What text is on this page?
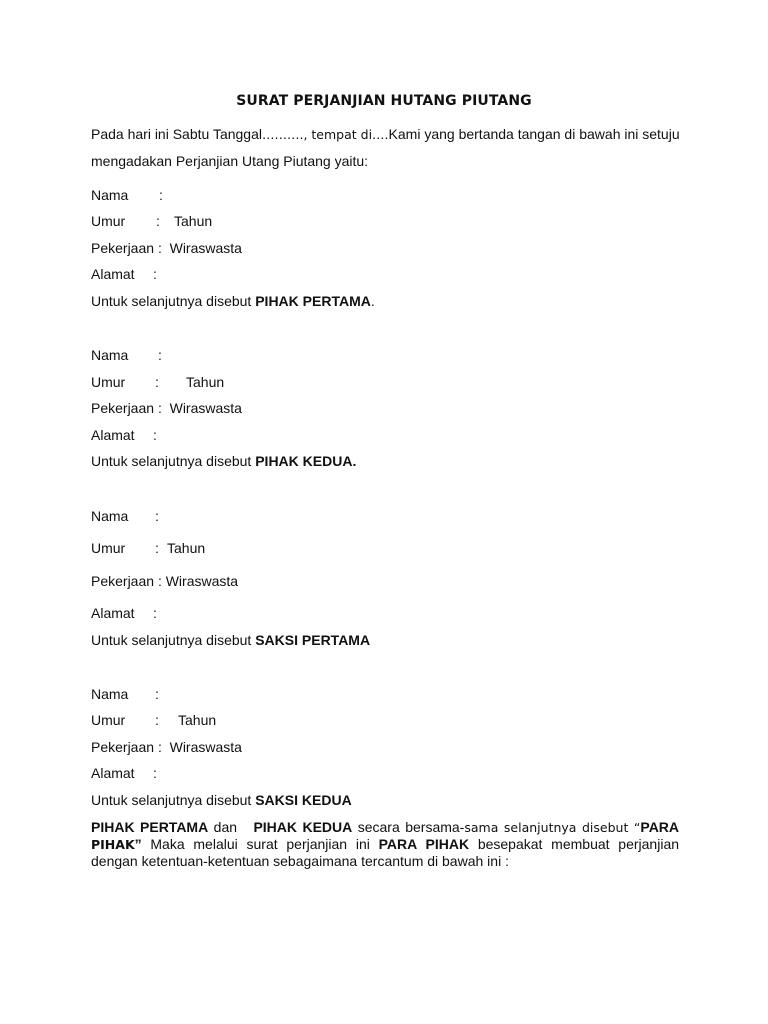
SURAT PERJANJIAN HUTANG PIUTANG
Pada hari ini Sabtu Tanggal………., tempat di….Kami yang bertanda tangan di bawah ini setuju
mengadakan Perjanjian Utang Piutang yaitu:
Nama :
Umur : Tahun
Pekerjaan : Wiraswasta
Alamat :
Untuk selanjutnya disebut PIHAK PERTAMA.
Nama :
Umur : Tahun
Pekerjaan : Wiraswasta
Alamat :
Untuk selanjutnya disebut PIHAK KEDUA.
Nama :
Umur : Tahun
Pekerjaan : Wiraswasta
Alamat :
Untuk selanjutnya disebut SAKSI PERTAMA
Nama :
Umur : Tahun
Pekerjaan : Wiraswasta
Alamat :
Untuk selanjutnya disebut SAKSI KEDUA
PIHAK PERTAMA dan   PIHAK KEDUA secara bersama-sama selanjutnya disebut “PARA PIHAK” Maka melalui surat perjanjian ini PARA PIHAK besepakat membuat perjanjian dengan ketentuan-ketentuan sebagaimana tercantum di bawah ini :
